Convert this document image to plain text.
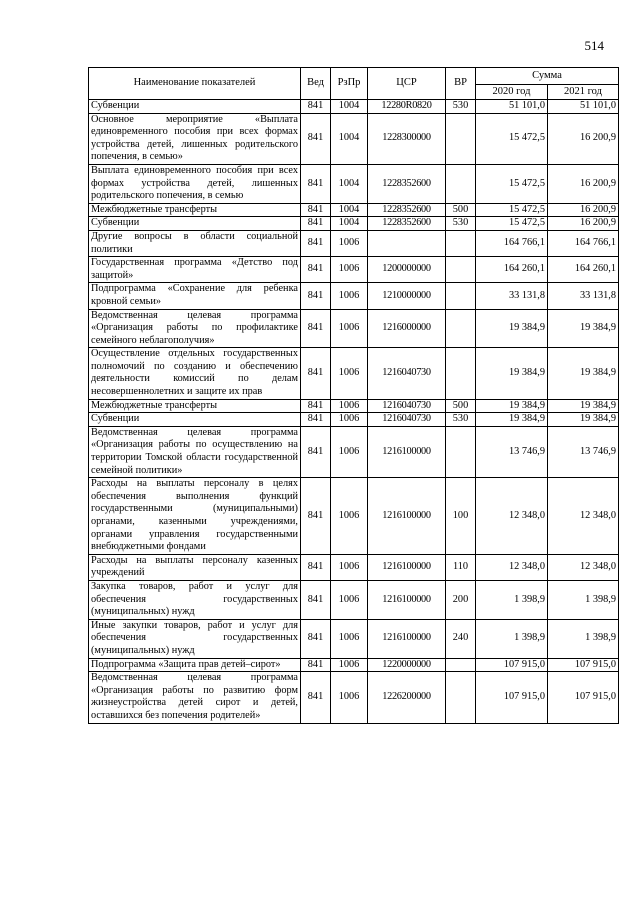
514
Наименование показателей	Вед	РзПр	ЦСР	ВР	Сумма	
					2020 год	2021 год
Субвенции	841	1004	12280R0820	530	51 101,0	51 101,0
Основное мероприятие «Выплата единовременного пособия при всех формах устройства детей, лишенных родительского попечения, в семью»	841	1004	1228300000		15 472,5	16 200,9
Выплата единовременного пособия при всех формах устройства детей, лишенных родительского попечения, в семью	841	1004	1228352600		15 472,5	16 200,9
Межбюджетные трансферты	841	1004	1228352600	500	15 472,5	16 200,9
Субвенции	841	1004	1228352600	530	15 472,5	16 200,9
Другие вопросы в области социальной политики	841	1006			164 766,1	164 766,1
Государственная программа «Детство под защитой»	841	1006	1200000000		164 260,1	164 260,1
Подпрограмма «Сохранение для ребенка кровной семьи»	841	1006	1210000000		33 131,8	33 131,8
Ведомственная целевая программа «Организация работы по профилактике семейного неблагополучия»	841	1006	1216000000		19 384,9	19 384,9
Осуществление отдельных государственных полномочий по созданию и обеспечению деятельности комиссий по делам несовершеннолетних и защите их прав	841	1006	1216040730		19 384,9	19 384,9
Межбюджетные трансферты	841	1006	1216040730	500	19 384,9	19 384,9
Субвенции	841	1006	1216040730	530	19 384,9	19 384,9
Ведомственная целевая программа «Организация работы по осуществлению на территории Томской области государственной семейной политики»	841	1006	1216100000		13 746,9	13 746,9
Расходы на выплаты персоналу в целях обеспечения выполнения функций государственными (муниципальными) органами, казенными учреждениями, органами управления государственными внебюджетными фондами	841	1006	1216100000	100	12 348,0	12 348,0
Расходы на выплаты персоналу казенных учреждений	841	1006	1216100000	110	12 348,0	12 348,0
Закупка товаров, работ и услуг для обеспечения государственных (муниципальных) нужд	841	1006	1216100000	200	1 398,9	1 398,9
Иные закупки товаров, работ и услуг для обеспечения государственных (муниципальных) нужд	841	1006	1216100000	240	1 398,9	1 398,9
Подпрограмма «Защита прав детей–сирот»	841	1006	1220000000		107 915,0	107 915,0
Ведомственная целевая программа «Организация работы по развитию форм жизнеустройства детей сирот и детей, оставшихся без попечения родителей»	841	1006	1226200000		107 915,0	107 915,0
